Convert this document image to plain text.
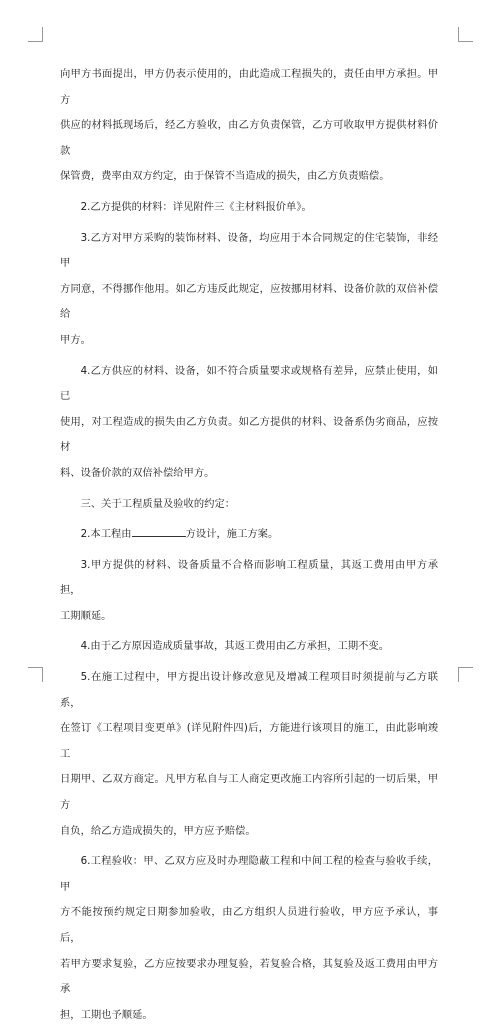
向甲方书面提出，甲方仍表示使用的，由此造成工程损失的，责任由甲方承担。甲方
供应的材料抵现场后，经乙方验收，由乙方负责保管，乙方可收取甲方提供材料价款
保管费，费率由双方约定，由于保管不当造成的损失，由乙方负责赔偿。

2.乙方提供的材料：详见附件三《主材料报价单》。

3.乙方对甲方采购的装饰材料、设备，均应用于本合同规定的住宅装饰，非经甲
方同意，不得挪作他用。如乙方违反此规定，应按挪用材料、设备价款的双倍补偿给
甲方。

4.乙方供应的材料、设备，如不符合质量要求或规格有差异，应禁止使用，如已
使用，对工程造成的损失由乙方负责。如乙方提供的材料、设备系伪劣商品，应按材
料、设备价款的双倍补偿给甲方。

三、关于工程质量及验收的约定：

2.本工程由	方设计，施工方案。

3.甲方提供的材料、设备质量不合格而影响工程质量，其返工费用由甲方承担，
工期顺延。

4.由于乙方原因造成质量事故，其返工费用由乙方承担，工期不变。

5.在施工过程中，甲方提出设计修改意见及增减工程项目时须提前与乙方联系，
在签订《工程项目变更单》(详见附件四)后，方能进行该项目的施工，由此影响竣工
日期甲、乙双方商定。凡甲方私自与工人商定更改施工内容所引起的一切后果，甲方
自负，给乙方造成损失的，甲方应予赔偿。

6.工程验收：甲、乙双方应及时办理隐蔽工程和中间工程的检查与验收手续，甲
方不能按预约规定日期参加验收，由乙方组织人员进行验收，甲方应予承认，事后，
若甲方要求复验，乙方应按要求办理复验，若复验合格，其复验及返工费用由甲方承
担，工期也予顺延。
